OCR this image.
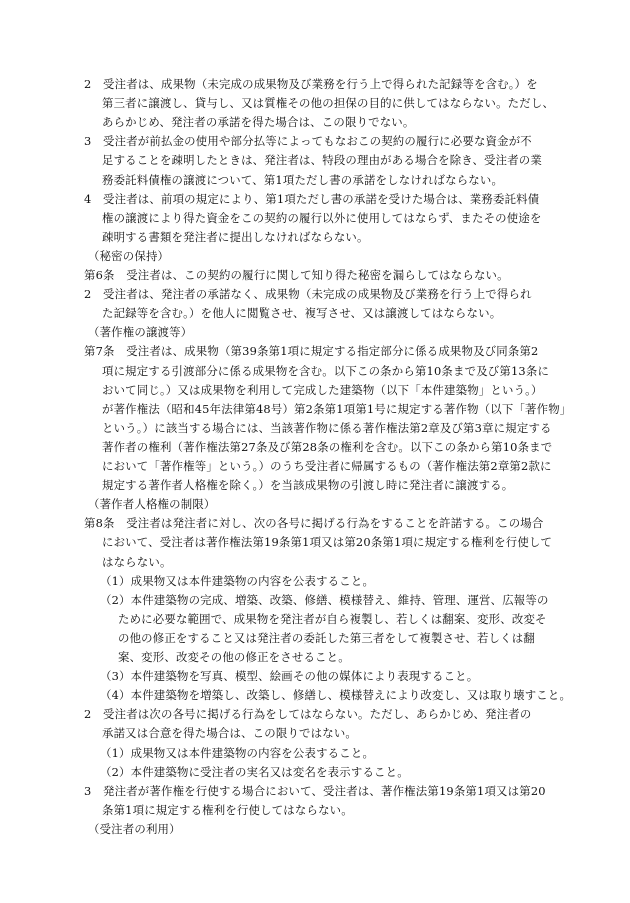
2　受注者は、成果物（未完成の成果物及び業務を行う上で得られた記録等を含む。）を
第三者に譲渡し、貸与し、又は質権その他の担保の目的に供してはならない。ただし、
あらかじめ、発注者の承諾を得た場合は、この限りでない。
3　受注者が前払金の使用や部分払等によってもなおこの契約の履行に必要な資金が不
足することを疎明したときは、発注者は、特段の理由がある場合を除き、受注者の業
務委託料債権の譲渡について、第1項ただし書の承諾をしなければならない。
4　受注者は、前項の規定により、第1項ただし書の承諾を受けた場合は、業務委託料債
権の譲渡により得た資金をこの契約の履行以外に使用してはならず、またその使途を
疎明する書類を発注者に提出しなければならない。
（秘密の保持）
第6条　受注者は、この契約の履行に関して知り得た秘密を漏らしてはならない。
2　受注者は、発注者の承諾なく、成果物（未完成の成果物及び業務を行う上で得られ
た記録等を含む。）を他人に閲覧させ、複写させ、又は譲渡してはならない。
（著作権の譲渡等）
第7条　受注者は、成果物（第39条第1項に規定する指定部分に係る成果物及び同条第2
項に規定する引渡部分に係る成果物を含む。以下この条から第10条まで及び第13条に
おいて同じ。）又は成果物を利用して完成した建築物（以下「本件建築物」という。）
が著作権法（昭和45年法律第48号）第2条第1項第1号に規定する著作物（以下「著作物」
という。）に該当する場合には、当該著作物に係る著作権法第2章及び第3章に規定する
著作者の権利（著作権法第27条及び第28条の権利を含む。以下この条から第10条まで
において「著作権等」という。）のうち受注者に帰属するもの（著作権法第2章第2款に
規定する著作者人格権を除く。）を当該成果物の引渡し時に発注者に譲渡する。
（著作者人格権の制限）
第8条　受注者は発注者に対し、次の各号に掲げる行為をすることを許諾する。この場合
において、受注者は著作権法第19条第1項又は第20条第1項に規定する権利を行使して
はならない。
（1）成果物又は本件建築物の内容を公表すること。
（2）本件建築物の完成、増築、改築、修繕、模様替え、維持、管理、運営、広報等の
ために必要な範囲で、成果物を発注者が自ら複製し、若しくは翻案、変形、改変そ
の他の修正をすること又は発注者の委託した第三者をして複製させ、若しくは翻
案、変形、改変その他の修正をさせること。
（3）本件建築物を写真、模型、絵画その他の媒体により表現すること。
（4）本件建築物を増築し、改築し、修繕し、模様替えにより改変し、又は取り壊すこと。
2　受注者は次の各号に掲げる行為をしてはならない。ただし、あらかじめ、発注者の
承諾又は合意を得た場合は、この限りではない。
（1）成果物又は本件建築物の内容を公表すること。
（2）本件建築物に受注者の実名又は変名を表示すること。
3　発注者が著作権を行使する場合において、受注者は、著作権法第19条第1項又は第20
条第1項に規定する権利を行使してはならない。
（受注者の利用）
